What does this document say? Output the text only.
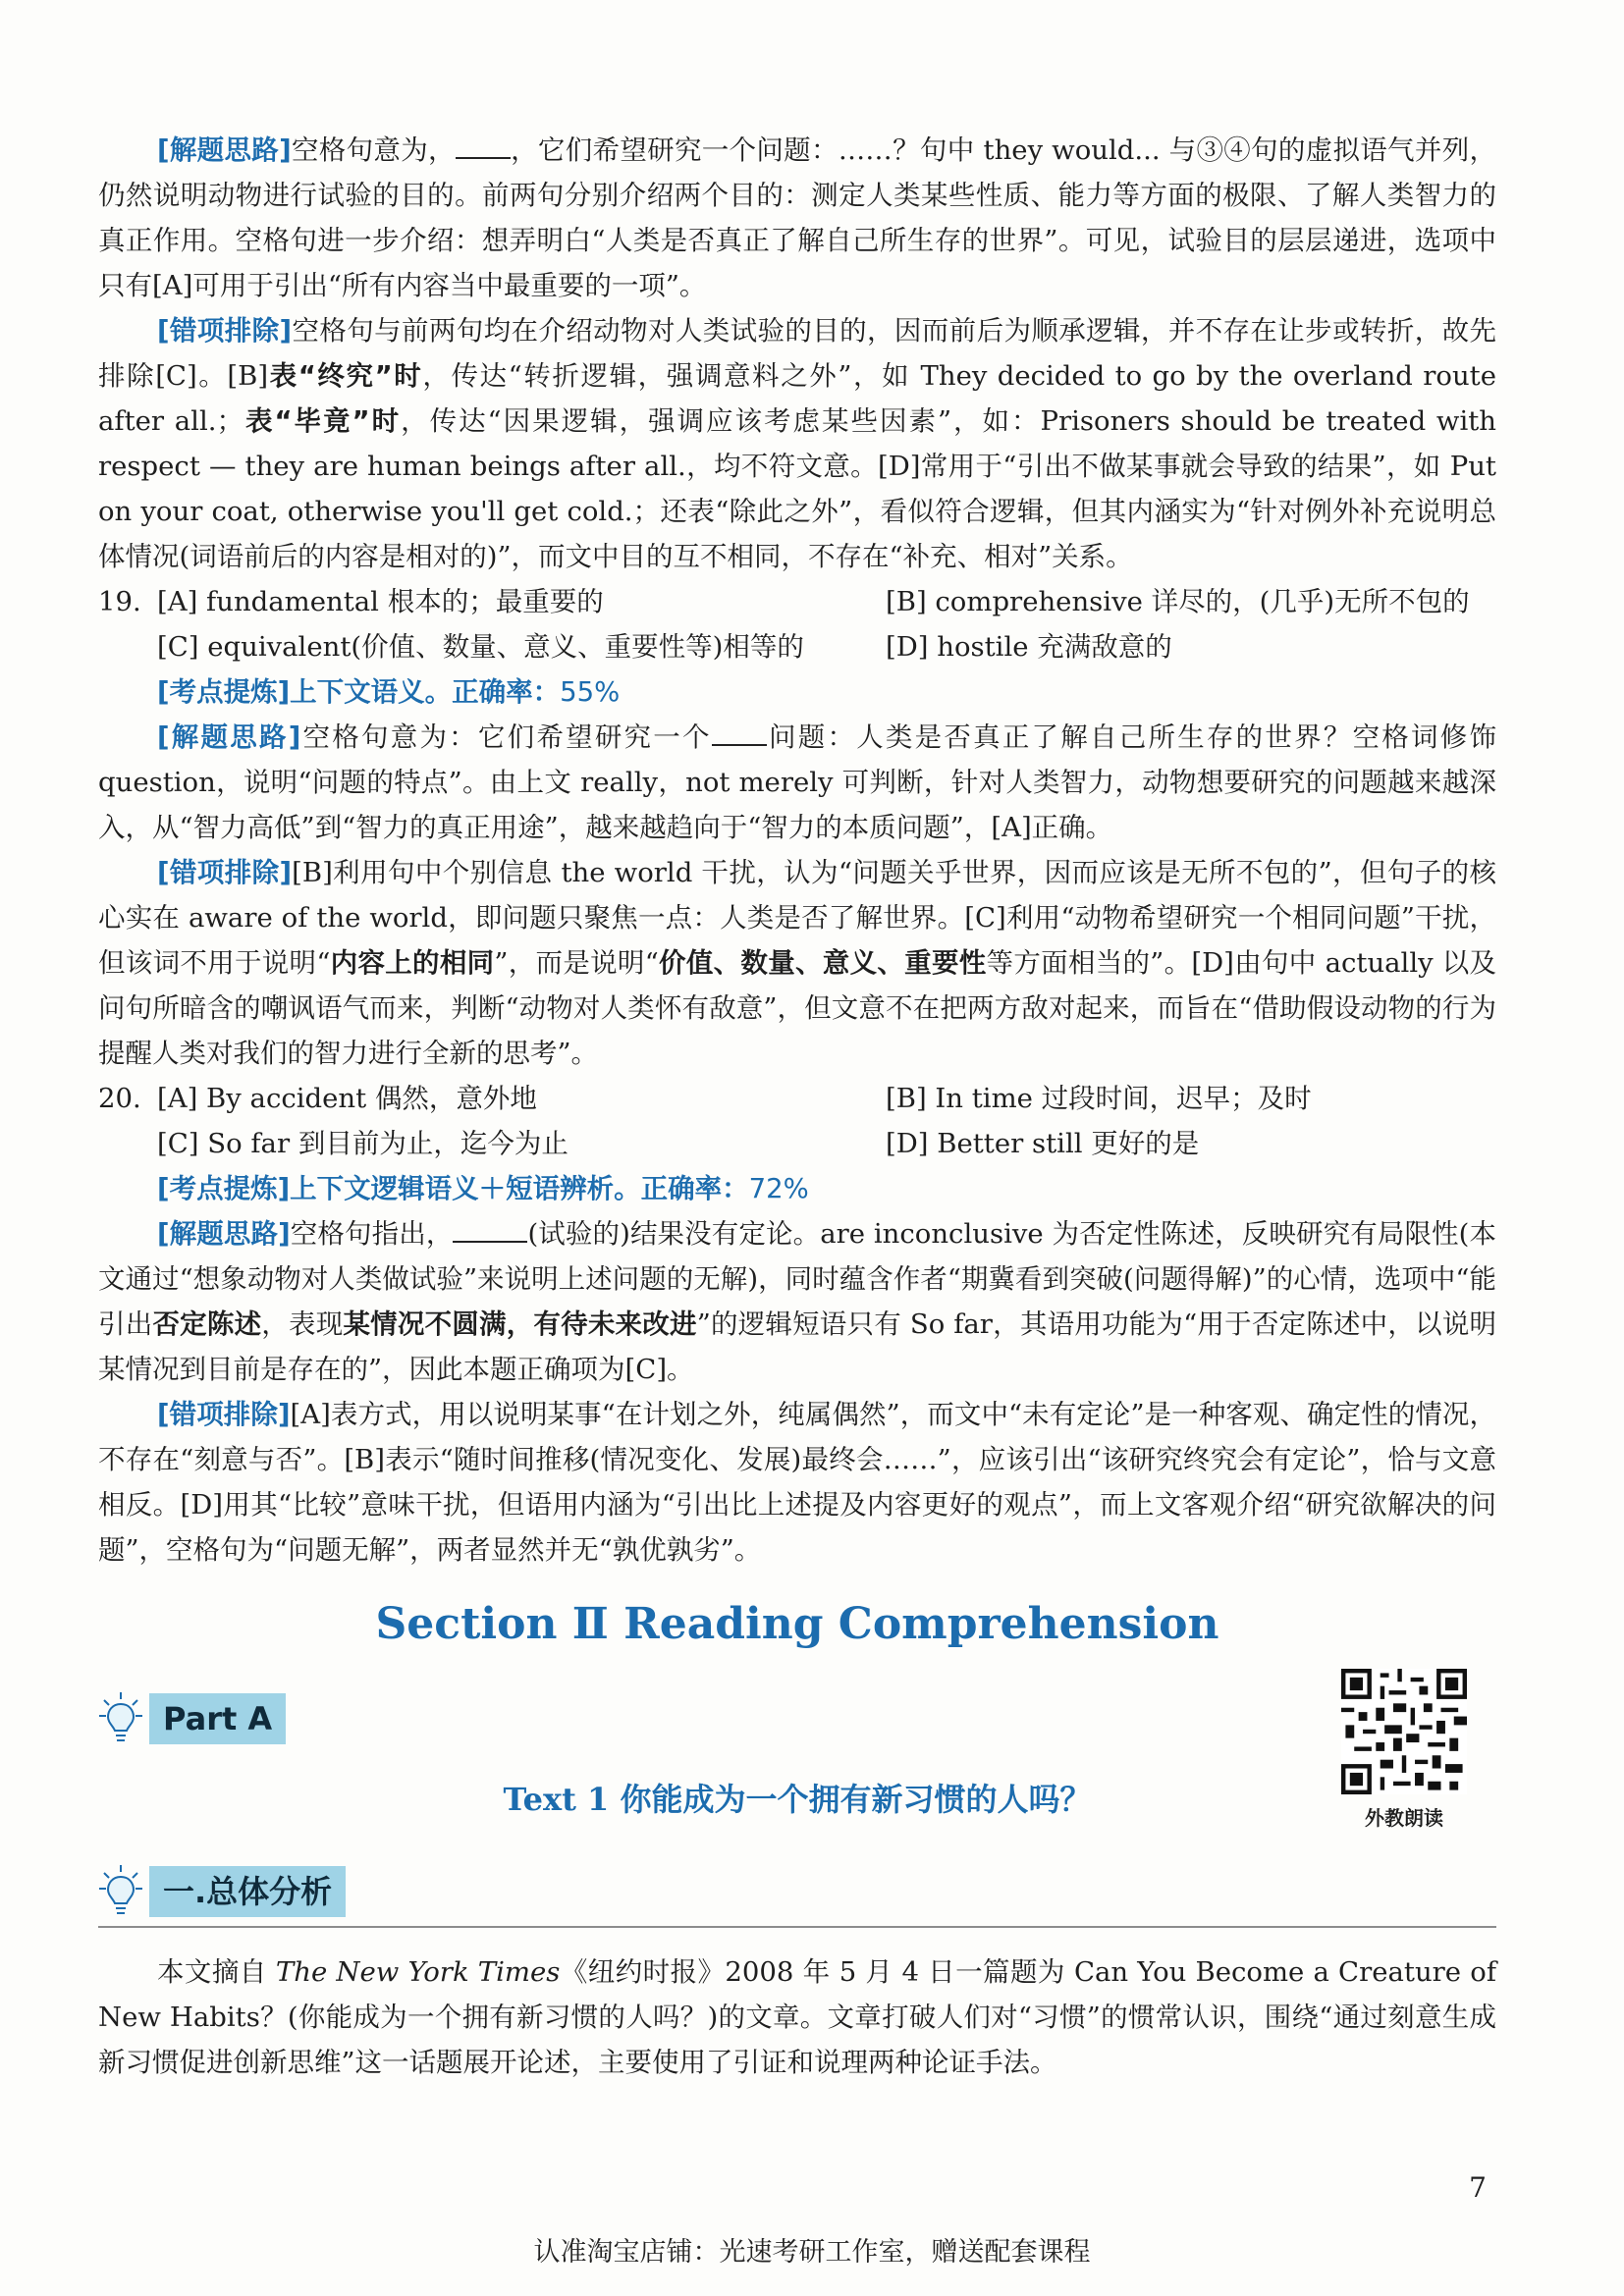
[解题思路]空格句意为， ，它们希望研究一个问题：……？句中 they would... 与③④句的虚拟语气并列，仍然说明动物进行试验的目的。前两句分别介绍两个目的：测定人类某些性质、能力等方面的极限、了解人类智力的真正作用。空格句进一步介绍：想弄明白“人类是否真正了解自己所生存的世界”。可见，试验目的层层递进，选项中只有[A]可用于引出“所有内容当中最重要的一项”。

[错项排除]空格句与前两句均在介绍动物对人类试验的目的，因而前后为顺承逻辑，并不存在让步或转折，故先排除[C]。[B]表“终究”时，传达“转折逻辑，强调意料之外”，如 They decided to go by the overland route after all.；表“毕竟”时，传达“因果逻辑，强调应该考虑某些因素”，如：Prisoners should be treated with respect — they are human beings after all.，均不符文意。[D]常用于“引出不做某事就会导致的结果”，如 Put on your coat, otherwise you'll get cold.；还表“除此之外”，看似符合逻辑，但其内涵实为“针对例外补充说明总体情况(词语前后的内容是相对的)”，而文中目的互不相同，不存在“补充、相对”关系。

19. [A] fundamental 根本的；最重要的	[B] comprehensive 详尽的，(几乎)无所不包的
[C] equivalent(价值、数量、意义、重要性等)相等的	[D] hostile 充满敌意的

[考点提炼]上下文语义。正确率：55%

[解题思路]空格句意为：它们希望研究一个 问题：人类是否真正了解自己所生存的世界？空格词修饰 question，说明“问题的特点”。由上文 really，not merely 可判断，针对人类智力，动物想要研究的问题越来越深入，从“智力高低”到“智力的真正用途”，越来越趋向于“智力的本质问题”，[A]正确。

[错项排除][B]利用句中个别信息 the world 干扰，认为“问题关乎世界，因而应该是无所不包的”，但句子的核心实在 aware of the world，即问题只聚焦一点：人类是否了解世界。[C]利用“动物希望研究一个相同问题”干扰，但该词不用于说明“内容上的相同”，而是说明“价值、数量、意义、重要性等方面相当的”。[D]由句中 actually 以及问句所暗含的嘲讽语气而来，判断“动物对人类怀有敌意”，但文意不在把两方敌对起来，而旨在“借助假设动物的行为提醒人类对我们的智力进行全新的思考”。

20. [A] By accident 偶然，意外地	[B] In time 过段时间，迟早；及时
[C] So far 到目前为止，迄今为止	[D] Better still 更好的是

[考点提炼]上下文逻辑语义＋短语辨析。正确率：72%

[解题思路]空格句指出，	(试验的)结果没有定论。are inconclusive 为否定性陈述，反映研究有局限性(本文通过“想象动物对人类做试验”来说明上述问题的无解)，同时蕴含作者“期冀看到突破(问题得解)”的心情，选项中“能引出否定陈述，表现某情况不圆满，有待未来改进”的逻辑短语只有 So far，其语用功能为“用于否定陈述中，以说明某情况到目前是存在的”，因此本题正确项为[C]。

[错项排除][A]表方式，用以说明某事“在计划之外，纯属偶然”，而文中“未有定论”是一种客观、确定性的情况，不存在“刻意与否”。[B]表示“随时间推移(情况变化、发展)最终会……”，应该引出“该研究终究会有定论”，恰与文意相反。[D]用其“比较”意味干扰，但语用内涵为“引出比上述提及内容更好的观点”，而上文客观介绍“研究欲解决的问题”，空格句为“问题无解”，两者显然并无“孰优孰劣”。

Section Ⅱ Reading Comprehension
Part A
Text 1 你能成为一个拥有新习惯的人吗？	外教朗读
一.总体分析

本文摘自 The New York Times《纽约时报》2008 年 5 月 4 日一篇题为 Can You Become a Creature of New Habits？(你能成为一个拥有新习惯的人吗？)的文章。文章打破人们对“习惯”的惯常认识，围绕“通过刻意生成新习惯促进创新思维”这一话题展开论述，主要使用了引证和说理两种论证手法。

7
认准淘宝店铺：光速考研工作室，赠送配套课程
